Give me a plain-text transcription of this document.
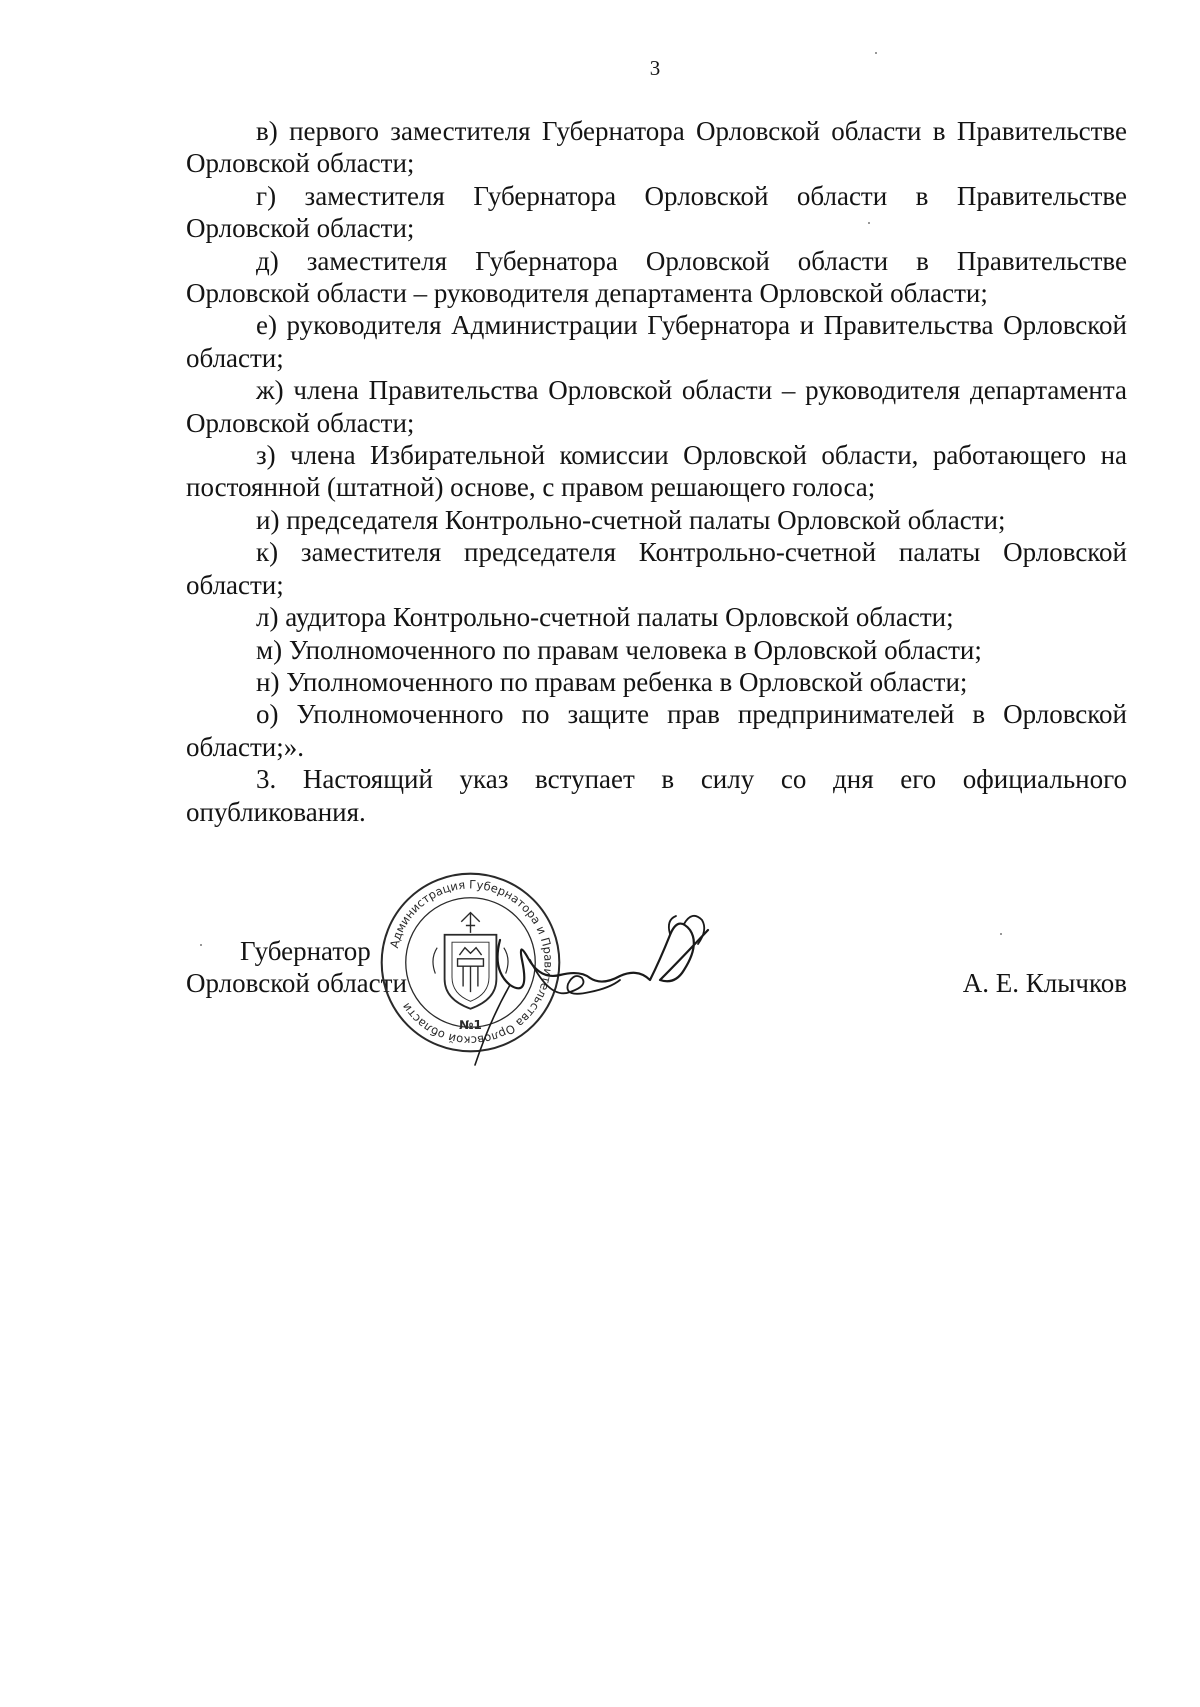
3

в) первого заместителя Губернатора Орловской области в Правительстве Орловской области;

г) заместителя Губернатора Орловской области в Правительстве Орловской области;

д) заместителя Губернатора Орловской области в Правительстве Орловской области – руководителя департамента Орловской области;

е) руководителя Администрации Губернатора и Правительства Орловской области;

ж) члена Правительства Орловской области – руководителя департамента Орловской области;

з) члена Избирательной комиссии Орловской области, работающего на постоянной (штатной) основе, с правом решающего голоса;

и) председателя Контрольно-счетной палаты Орловской области;

к) заместителя председателя Контрольно-счетной палаты Орловской области;

л) аудитора Контрольно-счетной палаты Орловской области;

м) Уполномоченного по правам человека в Орловской области;

н) Уполномоченного по правам ребенка в Орловской области;

о) Уполномоченного по защите прав предпринимателей в Орловской области;».

3. Настоящий указ вступает в силу со дня его официального опубликования.

Губернатор
Орловской области
Администрация Губернатора и Правительства Орловской области
№1
А. Е. Клычков
